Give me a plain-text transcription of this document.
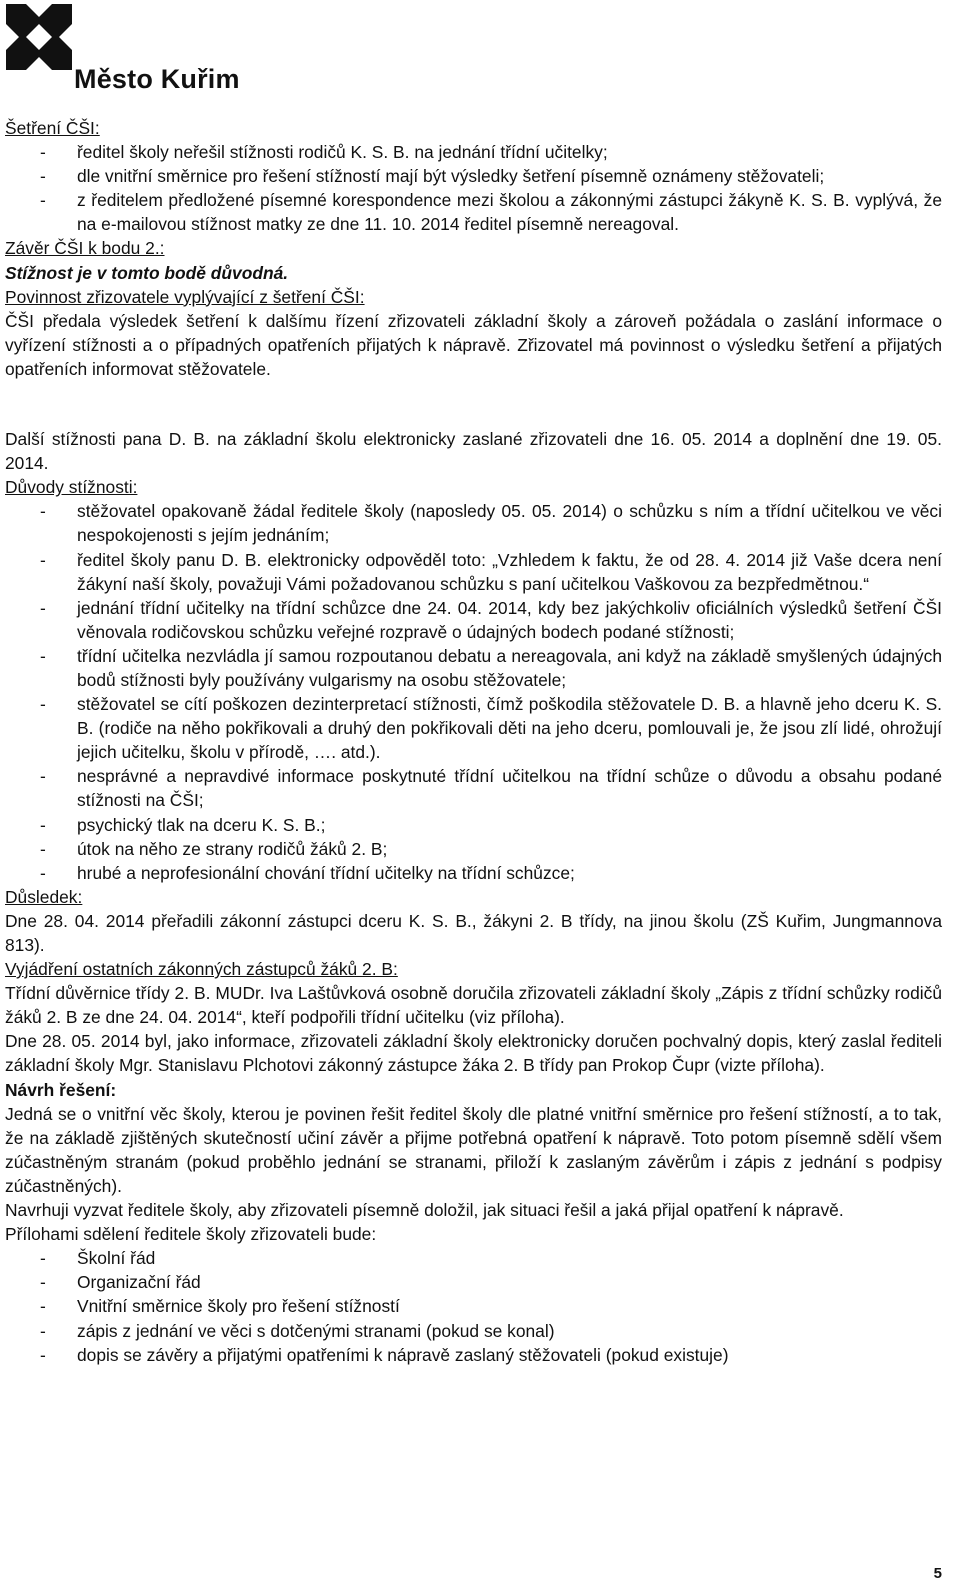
Město Kuřim

Šetření ČŠI:

- ředitel školy neřešil stížnosti rodičů K. S. B. na jednání třídní učitelky;
- dle vnitřní směrnice pro řešení stížností mají být výsledky šetření písemně oznámeny stěžovateli;
- z ředitelem předložené písemné korespondence mezi školou a zákonnými zástupci žákyně K. S. B. vyplývá, že na e-mailovou stížnost matky ze dne 11. 10. 2014 ředitel písemně nereagoval.

Závěr ČŠI k bodu 2.:

Stížnost je v tomto bodě důvodná.

Povinnost zřizovatele vyplývající z šetření ČŠI:

ČŠI předala výsledek šetření k dalšímu řízení zřizovateli základní školy a zároveň požádala o zaslání informace o vyřízení stížnosti a o případných opatřeních přijatých k nápravě. Zřizovatel má povinnost o výsledku šetření a přijatých opatřeních informovat stěžovatele.

Další stížnosti pana D. B. na základní školu elektronicky zaslané zřizovateli dne 16. 05. 2014 a doplnění dne 19. 05. 2014.

Důvody stížnosti:

- stěžovatel opakovaně žádal ředitele školy (naposledy 05. 05. 2014) o schůzku s ním a třídní učitelkou ve věci nespokojenosti s jejím jednáním;
- ředitel školy panu D. B. elektronicky odpověděl toto: „Vzhledem k faktu, že od 28. 4. 2014 již Vaše dcera není žákyní naší školy, považuji Vámi požadovanou schůzku s paní učitelkou Vaškovou za bezpředmětnou.“
- jednání třídní učitelky na třídní schůzce dne 24. 04. 2014, kdy bez jakýchkoliv oficiálních výsledků šetření ČŠI věnovala rodičovskou schůzku veřejné rozpravě o údajných bodech podané stížnosti;
- třídní učitelka nezvládla jí samou rozpoutanou debatu a nereagovala, ani když na základě smyšlených údajných bodů stížnosti byly používány vulgarismy na osobu stěžovatele;
- stěžovatel se cítí poškozen dezinterpretací stížnosti, čímž poškodila stěžovatele D. B. a hlavně jeho dceru K. S. B. (rodiče na něho pokřikovali a druhý den pokřikovali děti na jeho dceru, pomlouvali je, že jsou zlí lidé, ohrožují jejich učitelku, školu v přírodě, …. atd.).
- nesprávné a nepravdivé informace poskytnuté třídní učitelkou na třídní schůze o důvodu a obsahu podané stížnosti na ČŠI;
- psychický tlak na dceru K. S. B.;
- útok na něho ze strany rodičů žáků 2. B;
- hrubé a neprofesionální chování třídní učitelky na třídní schůzce;

Důsledek:

Dne 28. 04. 2014 přeřadili zákonní zástupci dceru K. S. B., žákyni 2. B třídy, na jinou školu (ZŠ Kuřim, Jungmannova 813).

Vyjádření ostatních zákonných zástupců žáků 2. B:

Třídní důvěrnice třídy 2. B. MUDr. Iva Laštůvková osobně doručila zřizovateli základní školy „Zápis z třídní schůzky rodičů žáků 2. B ze dne 24. 04. 2014“, kteří podpořili třídní učitelku (viz příloha).

Dne 28. 05. 2014 byl, jako informace, zřizovateli základní školy elektronicky doručen pochvalný dopis, který zaslal řediteli základní školy Mgr. Stanislavu Plchotovi zákonný zástupce žáka 2. B třídy pan Prokop Čupr (vizte příloha).

Návrh řešení:

Jedná se o vnitřní věc školy, kterou je povinen řešit ředitel školy dle platné vnitřní směrnice pro řešení stížností, a to tak, že na základě zjištěných skutečností učiní závěr a přijme potřebná opatření k nápravě. Toto potom písemně sdělí všem zúčastněným stranám (pokud proběhlo jednání se stranami, přiloží k zaslaným závěrům i zápis z jednání s podpisy zúčastněných).

Navrhuji vyzvat ředitele školy, aby zřizovateli písemně doložil, jak situaci řešil a jaká přijal opatření k nápravě.

Přílohami sdělení ředitele školy zřizovateli bude:

- Školní řád
- Organizační řád
- Vnitřní směrnice školy pro řešení stížností
- zápis z jednání ve věci s dotčenými stranami (pokud se konal)
- dopis se závěry a přijatými opatřeními k nápravě zaslaný stěžovateli (pokud existuje)
5
